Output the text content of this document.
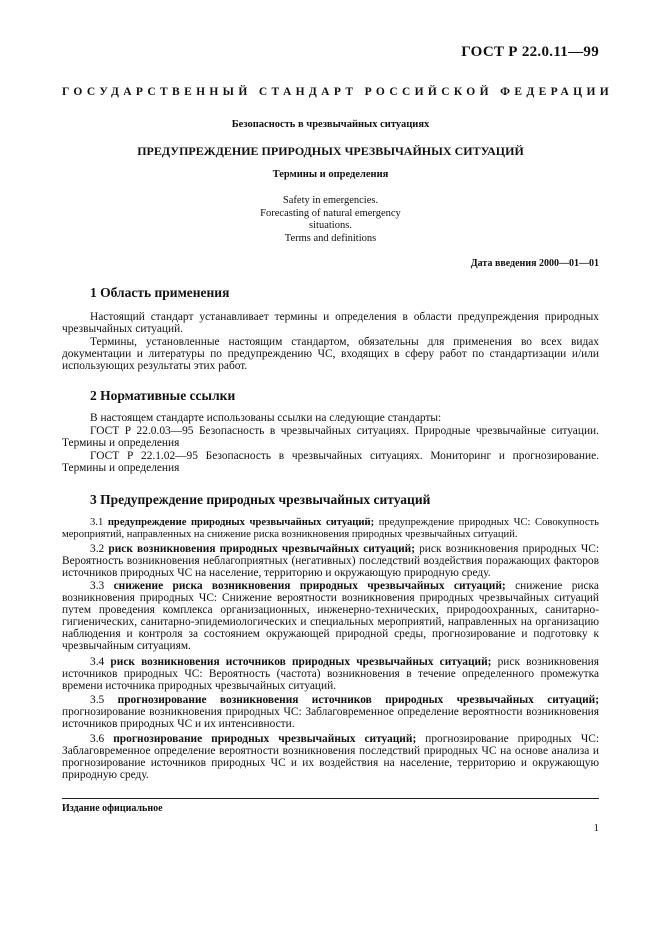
ГОСТ Р 22.0.11—99
ГОСУДАРСТВЕННЫЙ СТАНДАРТ РОССИЙСКОЙ ФЕДЕРАЦИИ
Безопасность в чрезвычайных ситуациях
ПРЕДУПРЕЖДЕНИЕ ПРИРОДНЫХ ЧРЕЗВЫЧАЙНЫХ СИТУАЦИЙ
Термины и определения
Safety in emergencies.
Forecasting of natural emergency
situations.
Terms and definitions
Дата введения 2000—01—01
1 Область применения
Настоящий стандарт устанавливает термины и определения в области предупреждения природных чрезвычайных ситуаций.
Термины, установленные настоящим стандартом, обязательны для применения во всех видах документации и литературы по предупреждению ЧС, входящих в сферу работ по стандартизации и/или использующих результаты этих работ.
2 Нормативные ссылки
В настоящем стандарте использованы ссылки на следующие стандарты:
ГОСТ Р 22.0.03—95 Безопасность в чрезвычайных ситуациях. Природные чрезвычайные ситуации. Термины и определения
ГОСТ Р 22.1.02—95 Безопасность в чрезвычайных ситуациях. Мониторинг и прогнозирование. Термины и определения
3 Предупреждение природных чрезвычайных ситуаций
3.1 предупреждение природных чрезвычайных ситуаций; предупреждение природных ЧС: Совокупность мероприятий, направленных на снижение риска возникновения природных чрезвычайных ситуаций.
3.2 риск возникновения природных чрезвычайных ситуаций; риск возникновения природных ЧС: Вероятность возникновения неблагоприятных (негативных) последствий воздействия поражающих факторов источников природных ЧС на население, территорию и окружающую природную среду.
3.3 снижение риска возникновения природных чрезвычайных ситуаций; снижение риска возникновения природных ЧС: Снижение вероятности возникновения природных чрезвычайных ситуаций путем проведения комплекса организационных, инженерно-технических, природоохранных, санитарно-гигиенических, санитарно-эпидемиологических и специальных мероприятий, направленных на организацию наблюдения и контроля за состоянием окружающей природной среды, прогнозирование и подготовку к чрезвычайным ситуациям.
3.4 риск возникновения источников природных чрезвычайных ситуаций; риск возникновения источников природных ЧС: Вероятность (частота) возникновения в течение определенного промежутка времени источника природных чрезвычайных ситуаций.
3.5 прогнозирование возникновения источников природных чрезвычайных ситуаций; прогнозирование возникновения природных ЧС: Заблаговременное определение вероятности возникновения источников природных ЧС и их интенсивности.
3.6 прогнозирование природных чрезвычайных ситуаций; прогнозирование природных ЧС: Заблаговременное определение вероятности возникновения последствий природных ЧС на основе анализа и прогнозирование источников природных ЧС и их воздействия на население, территорию и окружающую природную среду.
Издание официальное
1
